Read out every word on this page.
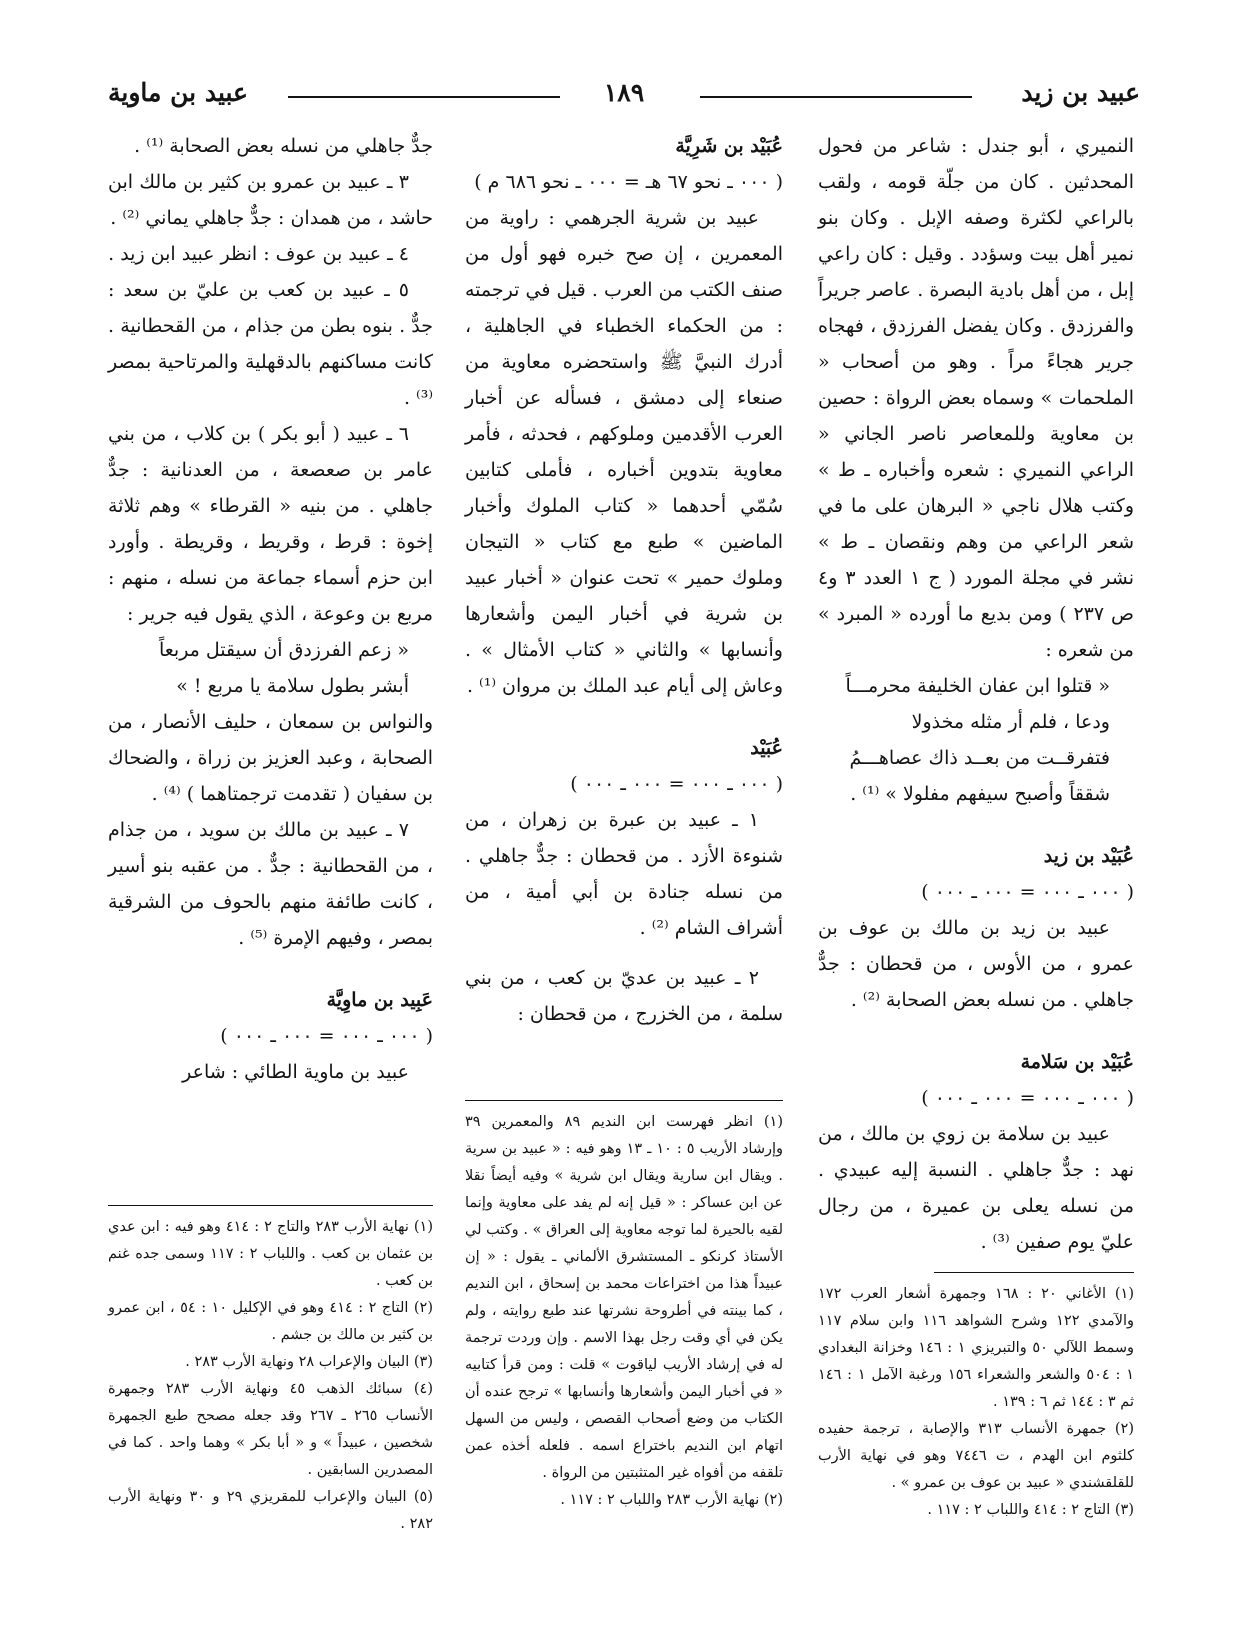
عبيد بن زيد
١٨٩
عبيد بن ماوية

النميري ، أبو جندل : شاعر من فحول المحدثين . كان من جلّة قومه ، ولقب بالراعي لكثرة وصفه الإبل . وكان بنو نمير أهل بيت وسؤدد . وقيل : كان راعي إبل ، من أهل بادية البصرة . عاصر جريراً والفرزدق . وكان يفضل الفرزدق ، فهجاه جرير هجاءً مراً . وهو من أصحاب « الملحمات » وسماه بعض الرواة : حصين بن معاوية وللمعاصر ناصر الجاني « الراعي النميري : شعره وأخباره ـ ط » وكتب هلال ناجي « البرهان على ما في شعر الراعي من وهم ونقصان ـ ط » نشر في مجلة المورد ( ج ١ العدد ٣ و٤ ص ٢٣٧ ) ومن بديع ما أورده « المبرد » من شعره :

« قتلوا ابن عفان الخليفة محرمـــاً

ودعا ، فلم أر مثله مخذولا

فتفرقــت من بعــد ذاك عصاهـــمُ

شققاً وأصبح سيفهم مفلولا » ⁽¹⁾ .

عُبَيْد بن زيد

( ٠٠٠ ـ ٠٠٠ = ٠٠٠ ـ ٠٠٠ )

عبيد بن زيد بن مالك بن عوف بن عمرو ، من الأوس ، من قحطان : جدٌّ جاهلي . من نسله بعض الصحابة ⁽²⁾ .

عُبَيْد بن سَلامة

( ٠٠٠ ـ ٠٠٠ = ٠٠٠ ـ ٠٠٠ )

عبيد بن سلامة بن زوي بن مالك ، من نهد : جدٌّ جاهلي . النسبة إليه عبيدي . من نسله يعلى بن عميرة ، من رجال عليّ يوم صفين ⁽³⁾ .

(١) الأغاني ٢٠ : ١٦٨ وجمهرة أشعار العرب ١٧٢ والآمدي ١٢٢ وشرح الشواهد ١١٦ وابن سلام ١١٧ وسمط اللآلي ٥٠ والتبريزي ١ : ١٤٦ وخزانة البغدادي ١ : ٥٠٤ والشعر والشعراء ١٥٦ ورغبة الآمل ١ : ١٤٦ ثم ٣ : ١٤٤ ثم ٦ : ١٣٩ .

(٢) جمهرة الأنساب ٣١٣ والإصابة ، ترجمة حفيده كلثوم ابن الهدم ، ت ٧٤٤٦ وهو في نهاية الأرب للقلقشندي « عبيد بن عوف بن عمرو » .

(٣) التاج ٢ : ٤١٤ واللباب ٢ : ١١٧ .

عُبَيْد بن شَرِيَّة

( ٠٠٠ ـ نحو ٦٧ هـ = ٠٠٠ ـ نحو ٦٨٦ م )

عبيد بن شرية الجرهمي : راوية من المعمرين ، إن صح خبره فهو أول من صنف الكتب من العرب . قيل في ترجمته : من الحكماء الخطباء في الجاهلية ، أدرك النبيَّ ﷺ واستحضره معاوية من صنعاء إلى دمشق ، فسأله عن أخبار العرب الأقدمين وملوكهم ، فحدثه ، فأمر معاوية بتدوين أخباره ، فأملى كتابين سُمّي أحدهما « كتاب الملوك وأخبار الماضين » طبع مع كتاب « التيجان وملوك حمير » تحت عنوان « أخبار عبيد بن شرية في أخبار اليمن وأشعارها وأنسابها » والثاني « كتاب الأمثال » . وعاش إلى أيام عبد الملك بن مروان ⁽¹⁾ .

عُبَيْد

( ٠٠٠ ـ ٠٠٠ = ٠٠٠ ـ ٠٠٠ )

١ ـ عبيد بن عبرة بن زهران ، من شنوءة الأزد . من قحطان : جدٌّ جاهلي . من نسله جنادة بن أبي أمية ، من أشراف الشام ⁽²⁾ .

٢ ـ عبيد بن عديّ بن كعب ، من بني سلمة ، من الخزرج ، من قحطان :

(١) انظر فهرست ابن النديم ٨٩ والمعمرين ٣٩ وإرشاد الأريب ٥ : ١٠ ـ ١٣ وهو فيه : « عبيد بن سرية . ويقال ابن سارية ويقال ابن شرية » وفيه أيضاً نقلا عن ابن عساكر : « قيل إنه لم يفد على معاوية وإنما لقيه بالحيرة لما توجه معاوية إلى العراق » . وكتب لي الأستاذ كرنكو ـ المستشرق الألماني ـ يقول : « إن عبيداً هذا من اختراعات محمد بن إسحاق ، ابن النديم ، كما بينته في أطروحة نشرتها عند طبع روايته ، ولم يكن في أي وقت رجل بهذا الاسم . وإن وردت ترجمة له في إرشاد الأريب لياقوت » قلت : ومن قرأ كتابيه « في أخبار اليمن وأشعارها وأنسابها » ترجح عنده أن الكتاب من وضع أصحاب القصص ، وليس من السهل اتهام ابن النديم باختراع اسمه . فلعله أخذه عمن تلقفه من أفواه غير المتثبتين من الرواة .

(٢) نهاية الأرب ٢٨٣ واللباب ٢ : ١١٧ .

جدٌّ جاهلي من نسله بعض الصحابة ⁽¹⁾ .

٣ ـ عبيد بن عمرو بن كثير بن مالك ابن حاشد ، من همدان : جدٌّ جاهلي يماني ⁽²⁾ .

٤ ـ عبيد بن عوف : انظر عبيد ابن زيد .

٥ ـ عبيد بن كعب بن عليّ بن سعد : جدٌّ . بنوه بطن من جذام ، من القحطانية . كانت مساكنهم بالدقهلية والمرتاحية بمصر ⁽³⁾ .

٦ ـ عبيد ( أبو بكر ) بن كلاب ، من بني عامر بن صعصعة ، من العدنانية : جدٌّ جاهلي . من بنيه « القرطاء » وهم ثلاثة إخوة : قرط ، وقريط ، وقريطة . وأورد ابن حزم أسماء جماعة من نسله ، منهم : مربع بن وعوعة ، الذي يقول فيه جرير :

« زعم الفرزدق أن سيقتل مربعاً

أبشر بطول سلامة يا مربع ! »

والنواس بن سمعان ، حليف الأنصار ، من الصحابة ، وعبد العزيز بن زراة ، والضحاك بن سفيان ( تقدمت ترجمتاهما ) ⁽⁴⁾ .

٧ ـ عبيد بن مالك بن سويد ، من جذام ، من القحطانية : جدٌّ . من عقبه بنو أسير ، كانت طائفة منهم بالحوف من الشرقية بمصر ، وفيهم الإمرة ⁽⁵⁾ .

عَبِيد بن ماوِيَّة

( ٠٠٠ ـ ٠٠٠ = ٠٠٠ ـ ٠٠٠ )

عبيد بن ماوية الطائي : شاعر

(١) نهاية الأرب ٢٨٣ والتاج ٢ : ٤١٤ وهو فيه : ابن عدي بن عثمان بن كعب . واللباب ٢ : ١١٧ وسمى جده غنم بن كعب .

(٢) التاج ٢ : ٤١٤ وهو في الإكليل ١٠ : ٥٤ ، ابن عمرو بن كثير بن مالك بن جشم .

(٣) البيان والإعراب ٢٨ ونهاية الأرب ٢٨٣ .

(٤) سبائك الذهب ٤٥ ونهاية الأرب ٢٨٣ وجمهرة الأنساب ٢٦٥ ـ ٢٦٧ وقد جعله مصحح طبع الجمهرة شخصين ، عبيداً » و « أبا بكر » وهما واحد . كما في المصدرين السابقين .

(٥) البيان والإعراب للمقريزي ٢٩ و ٣٠ ونهاية الأرب ٢٨٢ .
